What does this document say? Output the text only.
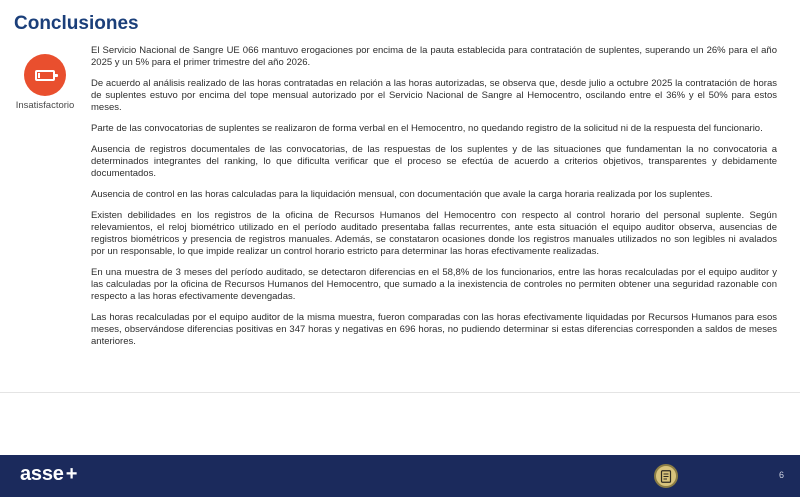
Conclusiones
Insatisfactorio

El Servicio Nacional de Sangre UE 066 mantuvo erogaciones por encima de la pauta establecida para contratación de suplentes, superando un 26% para el año 2025 y un 5% para el primer trimestre del año 2026.

De acuerdo al análisis realizado de las horas contratadas en relación a las horas autorizadas, se observa que, desde julio a octubre 2025 la contratación de horas de suplentes estuvo por encima del tope mensual autorizado por el Servicio Nacional de Sangre al Hemocentro, oscilando entre el 36% y el 50% para estos meses.

Parte de las convocatorias de suplentes se realizaron de forma verbal en el Hemocentro, no quedando registro de la solicitud ni de la respuesta del funcionario.

Ausencia de registros documentales de las convocatorias, de las respuestas de los suplentes y de las situaciones que fundamentan la no convocatoria a determinados integrantes del ranking, lo que dificulta verificar que el proceso se efectúa de acuerdo a criterios objetivos, transparentes y debidamente documentados.

Ausencia de control en las horas calculadas para la liquidación mensual, con documentación que avale la carga horaria realizada por los suplentes.

Existen debilidades en los registros de la oficina de Recursos Humanos del Hemocentro con respecto al control horario del personal suplente. Según relevamientos, el reloj biométrico utilizado en el período auditado presentaba fallas recurrentes, ante esta situación el equipo auditor observa, ausencias de registros biométricos y presencia de registros manuales. Además, se constataron ocasiones donde los registros manuales utilizados no son legibles ni avalados por un responsable, lo que impide realizar un control horario estricto para determinar las horas efectivamente realizadas.

En una muestra de 3 meses del período auditado, se detectaron diferencias en el 58,8% de los funcionarios, entre las horas recalculadas por el equipo auditor y las calculadas por la oficina de Recursos Humanos del Hemocentro, que sumado a la inexistencia de controles no permiten obtener una seguridad razonable con respecto a las horas efectivamente devengadas.

Las horas recalculadas por el equipo auditor de la misma muestra, fueron comparadas con las horas efectivamente liquidadas por Recursos Humanos para esos meses, observándose diferencias positivas en 347 horas y negativas en 696 horas, no pudiendo determinar si estas diferencias corresponden a saldos de meses anteriores.

asse +	6
